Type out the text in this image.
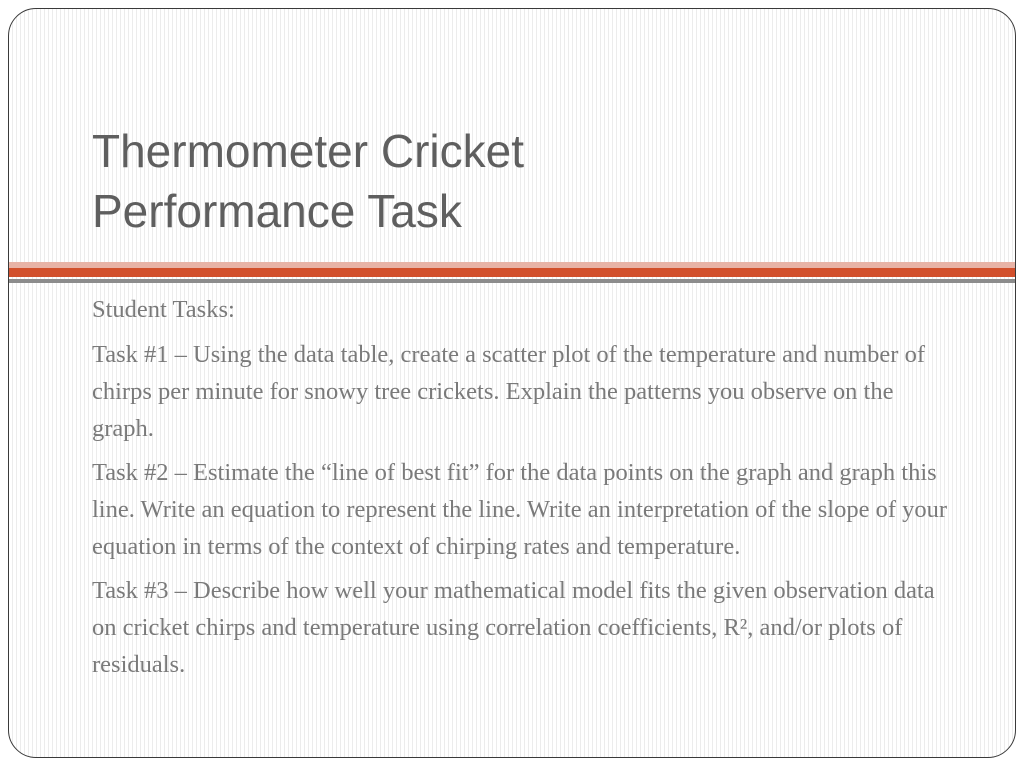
Thermometer Cricket
Performance Task

Student Tasks:

Task #1 – Using the data table, create a scatter plot of the temperature and number of chirps per minute for snowy tree crickets. Explain the patterns you observe on the graph.

Task #2 – Estimate the “line of best fit” for the data points on the graph and graph this line. Write an equation to represent the line. Write an interpretation of the slope of your equation in terms of the context of chirping rates and temperature.

Task #3 – Describe how well your mathematical model fits the given observation data on cricket chirps and temperature using correlation coefficients, R², and/or plots of residuals.
